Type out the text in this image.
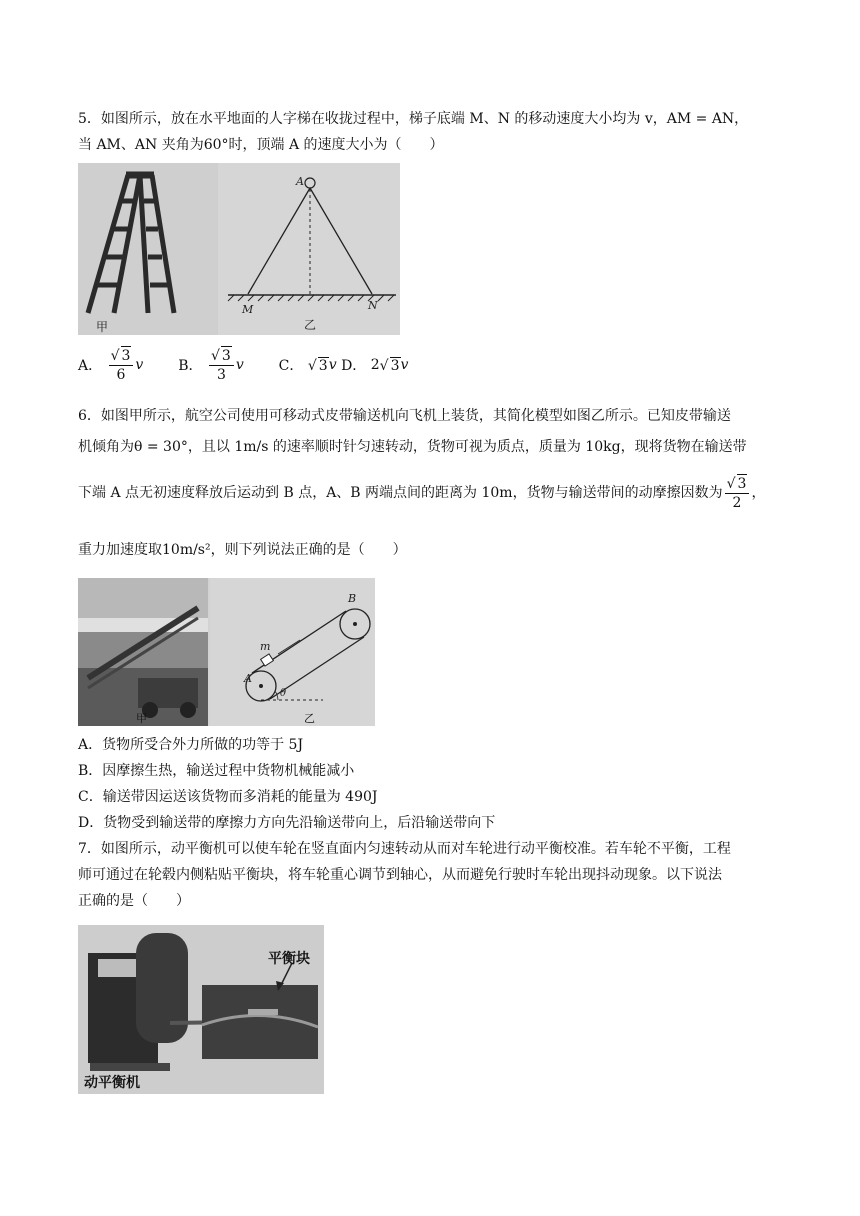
5．如图所示，放在水平地面的人字梯在收拢过程中，梯子底端 M、N 的移动速度大小均为 v，AM = AN，
当 AM、AN 夹角为60°时，顶端 A 的速度大小为（　　）
甲
A
M	N
乙
A． $\frac{√ 3}{6}$ v B． $\frac{√ 3}{3}$ v C． √ 3v D． 2√ 3v
6．如图甲所示，航空公司使用可移动式皮带输送机向飞机上装货，其简化模型如图乙所示。已知皮带输送
机倾角为θ = 30°，且以 1m/s 的速率顺时针匀速转动，货物可视为质点，质量为 10kg，现将货物在输送带
下端 A 点无初速度释放后运动到 B 点，A、B 两端点间的距离为 10m，货物与输送带间的动摩擦因数为 $\frac{√ 3}{2}$ ，
重力加速度取10m/s²，则下列说法正确的是（　　）
甲
A
B
m
θ
乙
A．货物所受合外力所做的功等于 5J
B．因摩擦生热，输送过程中货物机械能减小
C．输送带因运送该货物而多消耗的能量为 490J
D．货物受到输送带的摩擦力方向先沿输送带向上，后沿输送带向下
7．如图所示，动平衡机可以使车轮在竖直面内匀速转动从而对车轮进行动平衡校准。若车轮不平衡，工程
师可通过在轮毂内侧粘贴平衡块，将车轮重心调节到轴心，从而避免行驶时车轮出现抖动现象。以下说法
正确的是（　　）
平衡块
动平衡机
